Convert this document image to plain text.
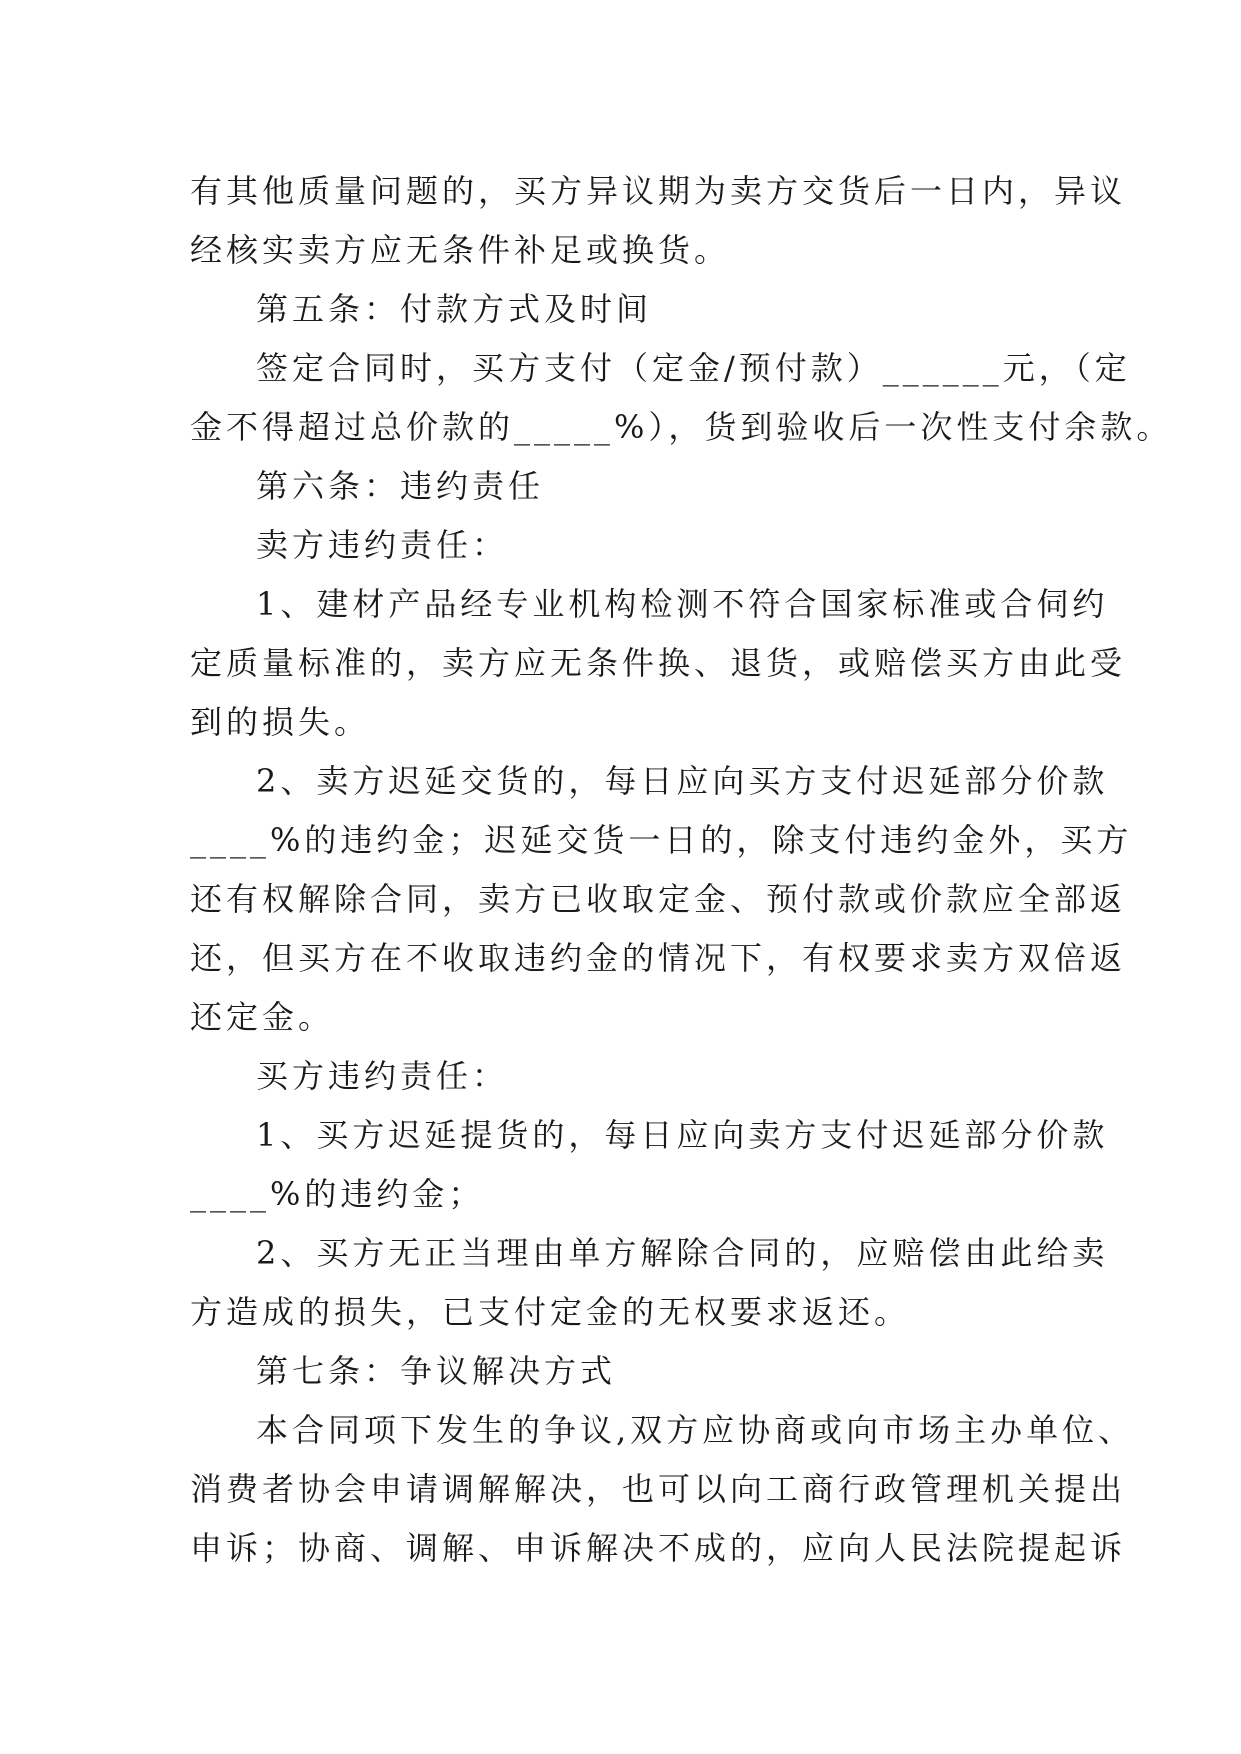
有其他质量问题的，买方异议期为卖方交货后一日内，异议
经核实卖方应无条件补足或换货。
第五条：付款方式及时间
签定合同时，买方支付（定金/预付款）______元，（定
金不得超过总价款的_____%），货到验收后一次性支付余款。
第六条：违约责任
卖方违约责任：
1、建材产品经专业机构检测不符合国家标准或合伺约
定质量标准的，卖方应无条件换、退货，或赔偿买方由此受
到的损失。
2、卖方迟延交货的，每日应向买方支付迟延部分价款
____%的违约金；迟延交货一日的，除支付违约金外，买方
还有权解除合同，卖方已收取定金、预付款或价款应全部返
还，但买方在不收取违约金的情况下，有权要求卖方双倍返
还定金。
买方违约责任：
1、买方迟延提货的，每日应向卖方支付迟延部分价款
____%的违约金；
2、买方无正当理由单方解除合同的，应赔偿由此给卖
方造成的损失，已支付定金的无权要求返还。
第七条：争议解决方式
本合同项下发生的争议,双方应协商或向市场主办单位、
消费者协会申请调解解决，也可以向工商行政管理机关提出
申诉；协商、调解、申诉解决不成的，应向人民法院提起诉
